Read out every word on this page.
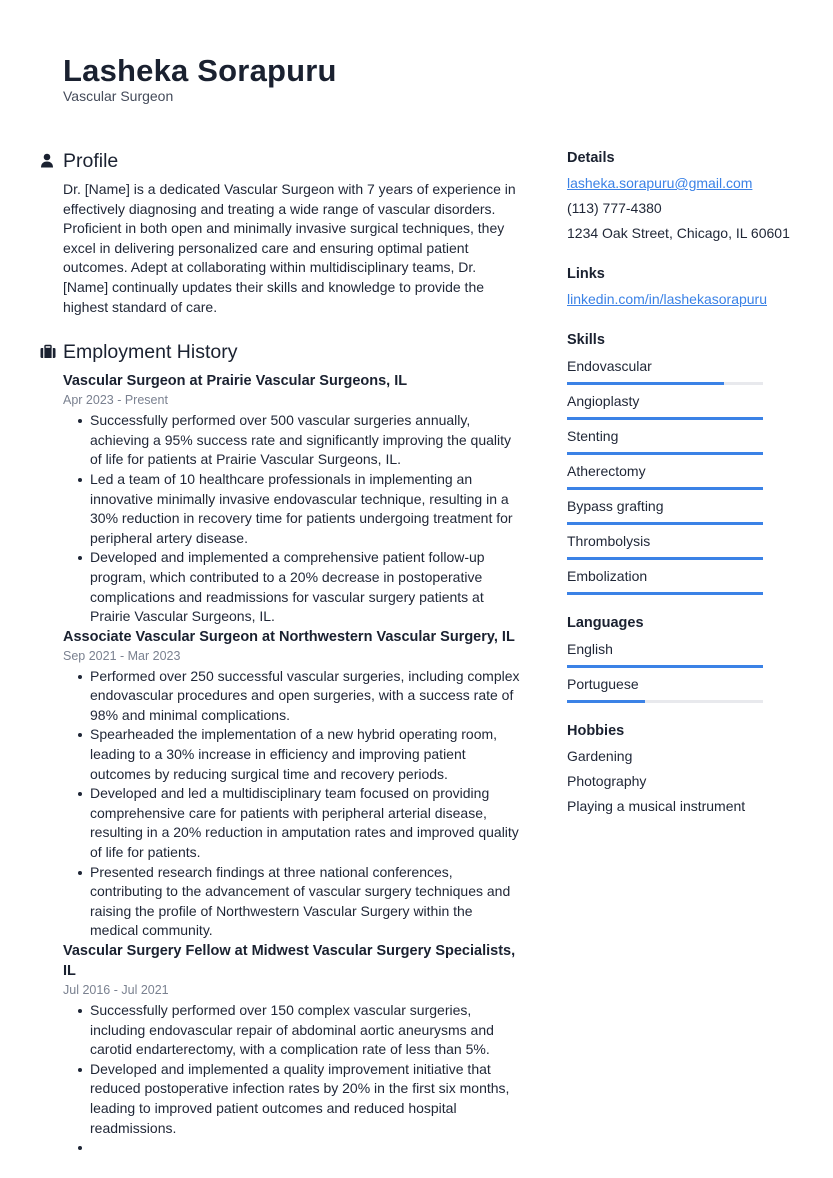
Lasheka Sorapuru
Vascular Surgeon
Profile
Dr. [Name] is a dedicated Vascular Surgeon with 7 years of experience in effectively diagnosing and treating a wide range of vascular disorders. Proficient in both open and minimally invasive surgical techniques, they excel in delivering personalized care and ensuring optimal patient outcomes. Adept at collaborating within multidisciplinary teams, Dr. [Name] continually updates their skills and knowledge to provide the highest standard of care.
Employment History
Vascular Surgeon at Prairie Vascular Surgeons, IL
Apr 2023 - Present
Successfully performed over 500 vascular surgeries annually, achieving a 95% success rate and significantly improving the quality of life for patients at Prairie Vascular Surgeons, IL.
Led a team of 10 healthcare professionals in implementing an innovative minimally invasive endovascular technique, resulting in a 30% reduction in recovery time for patients undergoing treatment for peripheral artery disease.
Developed and implemented a comprehensive patient follow-up program, which contributed to a 20% decrease in postoperative complications and readmissions for vascular surgery patients at Prairie Vascular Surgeons, IL.
Associate Vascular Surgeon at Northwestern Vascular Surgery, IL
Sep 2021 - Mar 2023
Performed over 250 successful vascular surgeries, including complex endovascular procedures and open surgeries, with a success rate of 98% and minimal complications.
Spearheaded the implementation of a new hybrid operating room, leading to a 30% increase in efficiency and improving patient outcomes by reducing surgical time and recovery periods.
Developed and led a multidisciplinary team focused on providing comprehensive care for patients with peripheral arterial disease, resulting in a 20% reduction in amputation rates and improved quality of life for patients.
Presented research findings at three national conferences, contributing to the advancement of vascular surgery techniques and raising the profile of Northwestern Vascular Surgery within the medical community.
Vascular Surgery Fellow at Midwest Vascular Surgery Specialists, IL
Jul 2016 - Jul 2021
Successfully performed over 150 complex vascular surgeries, including endovascular repair of abdominal aortic aneurysms and carotid endarterectomy, with a complication rate of less than 5%.
Developed and implemented a quality improvement initiative that reduced postoperative infection rates by 20% in the first six months, leading to improved patient outcomes and reduced hospital readmissions.
Details
lasheka.sorapuru@gmail.com
(113) 777-4380
1234 Oak Street, Chicago, IL 60601
Links
linkedin.com/in/lashekasorapuru
Skills
Endovascular
Angioplasty
Stenting
Atherectomy
Bypass grafting
Thrombolysis
Embolization
Languages
English
Portuguese
Hobbies
Gardening
Photography
Playing a musical instrument
